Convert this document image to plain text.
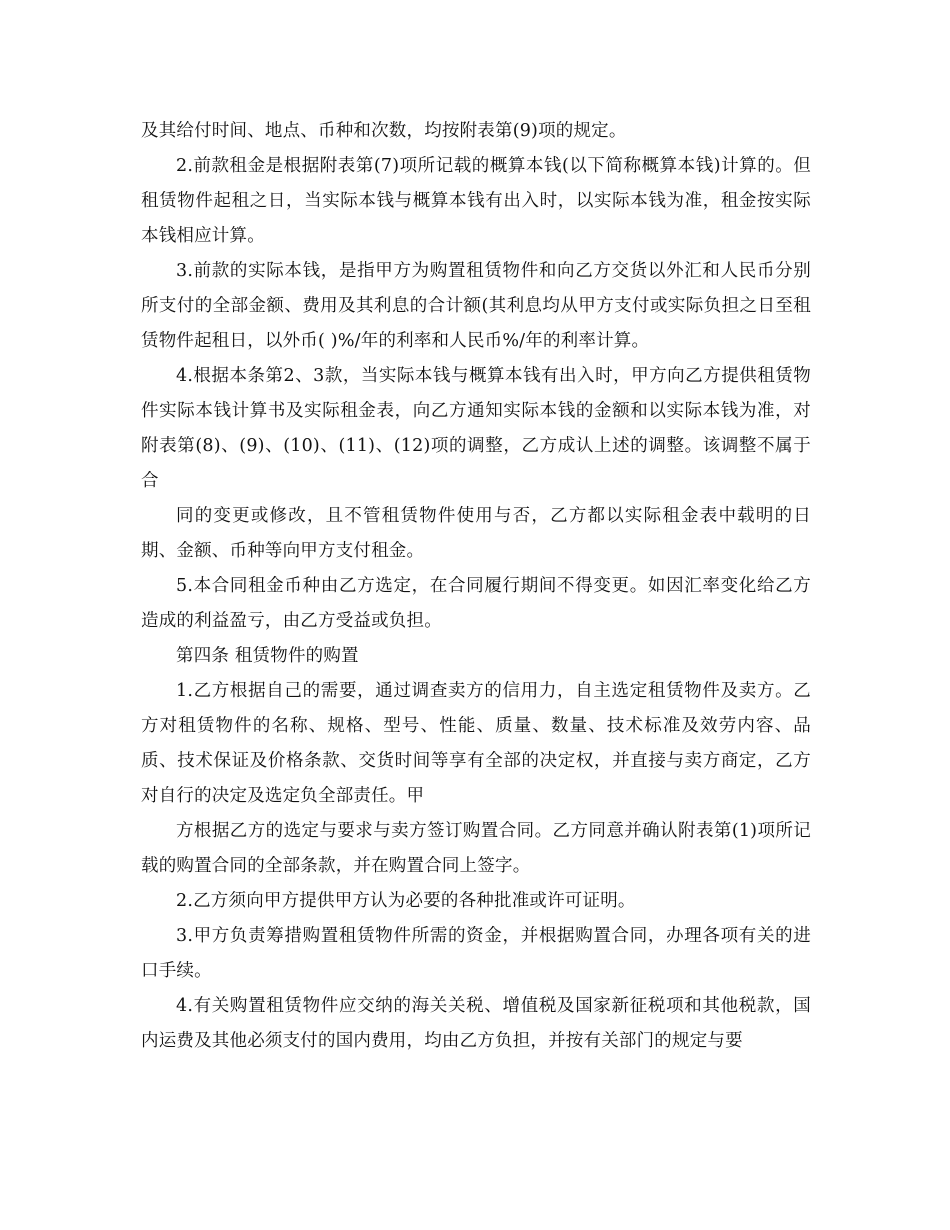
及其给付时间、地点、币种和次数，均按附表第(9)项的规定。

2.前款租金是根据附表第(7)项所记载的概算本钱(以下简称概算本钱)计算的。但租赁物件起租之日，当实际本钱与概算本钱有出入时，以实际本钱为准，租金按实际本钱相应计算。

3.前款的实际本钱，是指甲方为购置租赁物件和向乙方交货以外汇和人民币分别所支付的全部金额、费用及其利息的合计额(其利息均从甲方支付或实际负担之日至租赁物件起租日，以外币( )%/年的利率和人民币%/年的利率计算。

4.根据本条第2、3款，当实际本钱与概算本钱有出入时，甲方向乙方提供租赁物件实际本钱计算书及实际租金表，向乙方通知实际本钱的金额和以实际本钱为准，对附表第(8)、(9)、(10)、(11)、(12)项的调整，乙方成认上述的调整。该调整不属于合

同的变更或修改，且不管租赁物件使用与否，乙方都以实际租金表中载明的日期、金额、币种等向甲方支付租金。

5.本合同租金币种由乙方选定，在合同履行期间不得变更。如因汇率变化给乙方造成的利益盈亏，由乙方受益或负担。

第四条 租赁物件的购置

1.乙方根据自己的需要，通过调查卖方的信用力，自主选定租赁物件及卖方。乙方对租赁物件的名称、规格、型号、性能、质量、数量、技术标准及效劳内容、品质、技术保证及价格条款、交货时间等享有全部的决定权，并直接与卖方商定，乙方对自行的决定及选定负全部责任。甲

方根据乙方的选定与要求与卖方签订购置合同。乙方同意并确认附表第(1)项所记载的购置合同的全部条款，并在购置合同上签字。

2.乙方须向甲方提供甲方认为必要的各种批准或许可证明。

3.甲方负责筹措购置租赁物件所需的资金，并根据购置合同，办理各项有关的进口手续。

4.有关购置租赁物件应交纳的海关关税、增值税及国家新征税项和其他税款，国内运费及其他必须支付的国内费用，均由乙方负担，并按有关部门的规定与要
